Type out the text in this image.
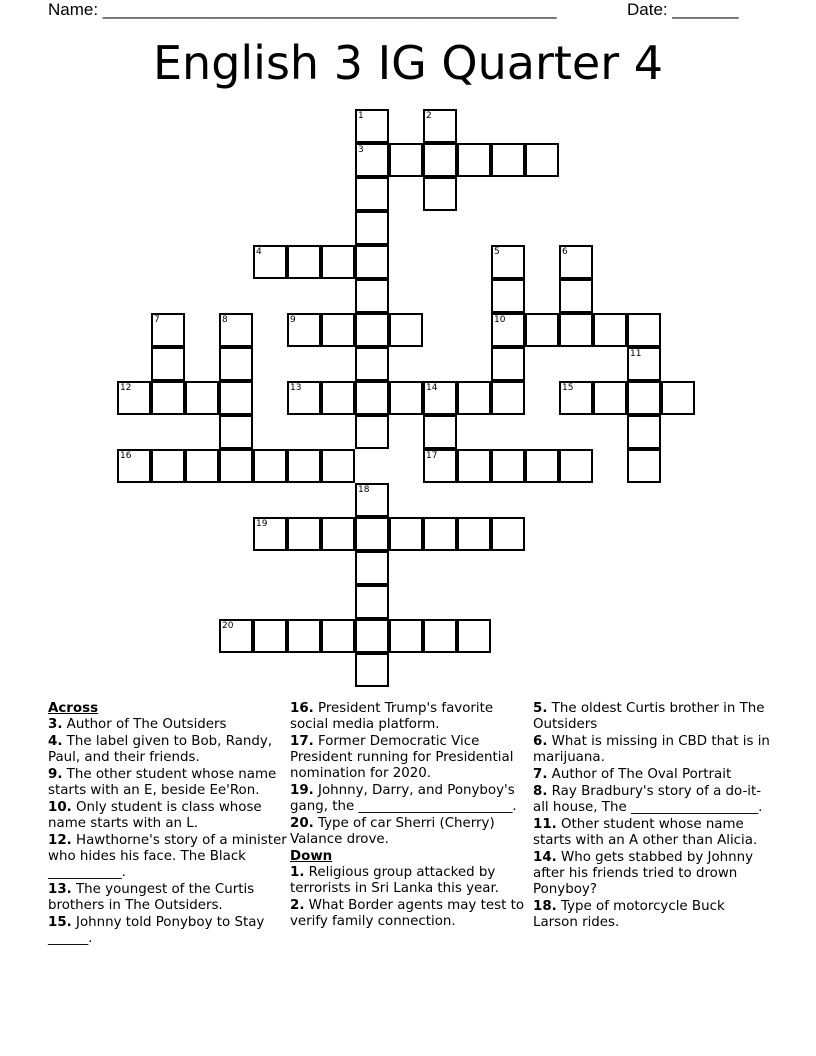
Name: ________________________________________________	Date: _______
English 3 IG Quarter 4
1
3
2
4	5
10
6
7	8	9
11
12	13	14
17
15
16
18
19
20
Across
3. Author of The Outsiders
4. The label given to Bob, Randy, Paul, and their friends.
9. The other student whose name starts with an E, beside Ee'Ron.
10. Only student is class whose name starts with an L.
12. Hawthorne's story of a minister who hides his face. The Black ___________.
13. The youngest of the Curtis brothers in The Outsiders.
15. Johnny told Ponyboy to Stay ______.
16. President Trump's favorite social media platform.
17. Former Democratic Vice President running for Presidential nomination for 2020.
19. Johnny, Darry, and Ponyboy's gang, the _______________________.
20. Type of car Sherri (Cherry) Valance drove.
Down
1. Religious group attacked by terrorists in Sri Lanka this year.
2. What Border agents may test to verify family connection.
5. The oldest Curtis brother in The Outsiders
6. What is missing in CBD that is in marijuana.
7. Author of The Oval Portrait
8. Ray Bradbury's story of a do-it-all house, The ___________________.
11. Other student whose name starts with an A other than Alicia.
14. Who gets stabbed by Johnny after his friends tried to drown Ponyboy?
18. Type of motorcycle Buck Larson rides.
